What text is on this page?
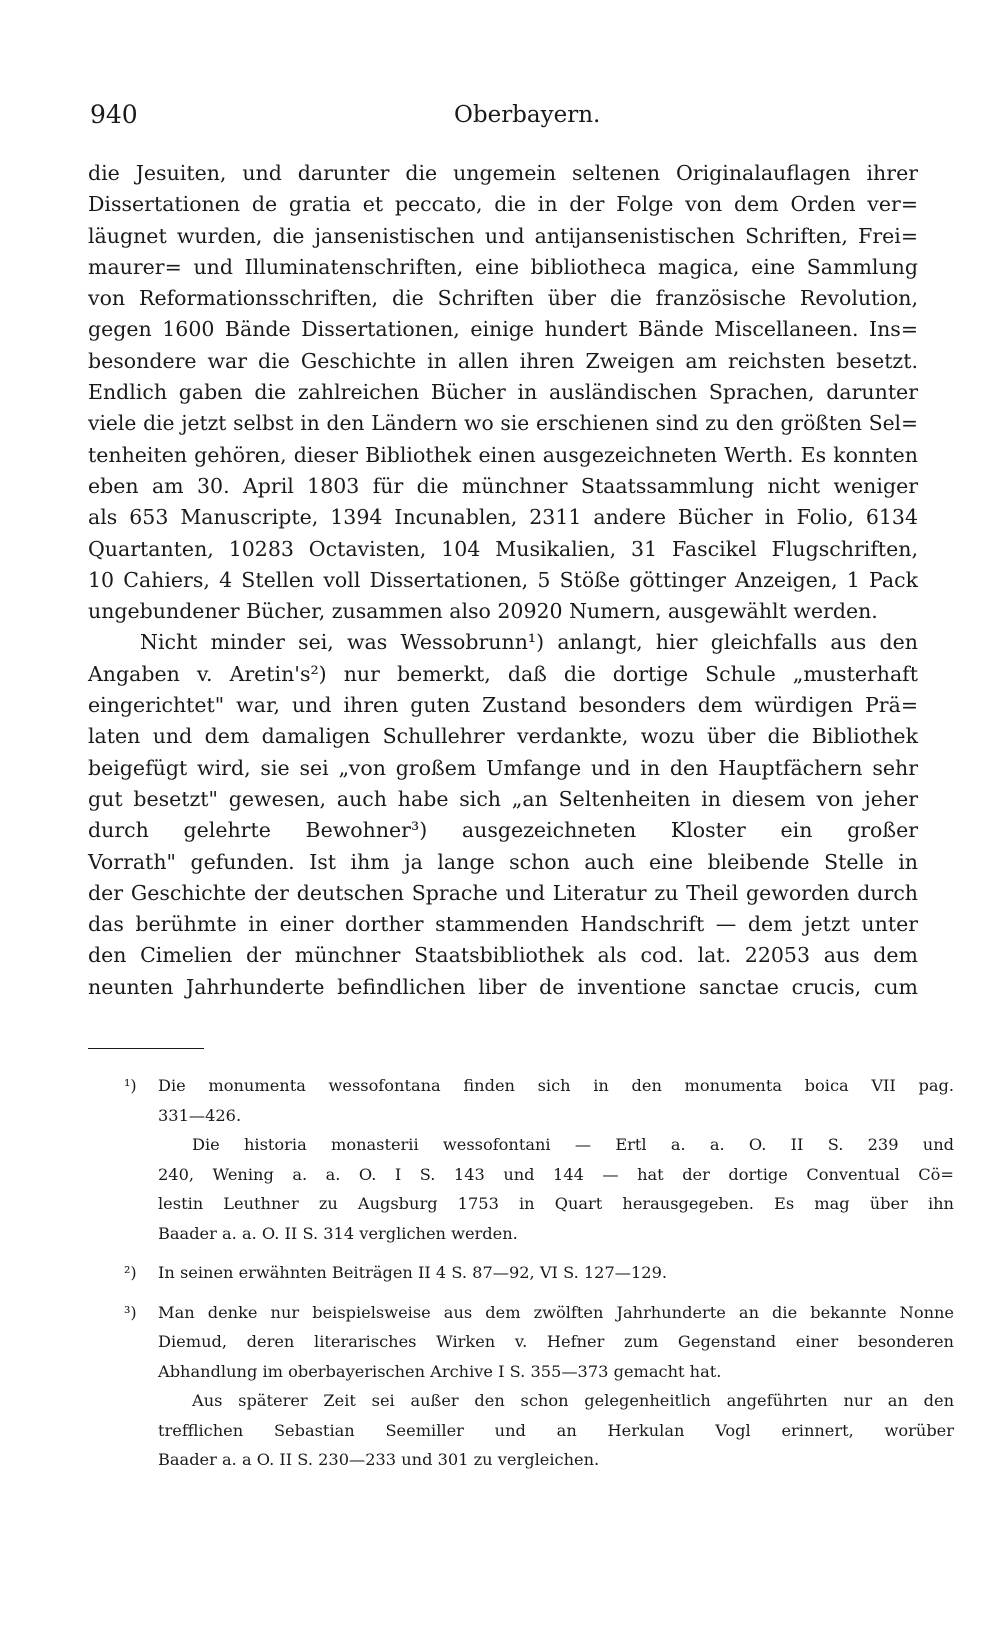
940	Oberbayern.
die Jesuiten, und darunter die ungemein seltenen Originalauflagen ihrer
Dissertationen de gratia et peccato, die in der Folge von dem Orden ver=
läugnet wurden, die jansenistischen und antijansenistischen Schriften, Frei=
maurer= und Illuminatenschriften, eine bibliotheca magica, eine Sammlung
von Reformationsschriften, die Schriften über die französische Revolution,
gegen 1600 Bände Dissertationen, einige hundert Bände Miscellaneen. Ins=
besondere war die Geschichte in allen ihren Zweigen am reichsten besetzt.
Endlich gaben die zahlreichen Bücher in ausländischen Sprachen, darunter
viele die jetzt selbst in den Ländern wo sie erschienen sind zu den größten Sel=
tenheiten gehören, dieser Bibliothek einen ausgezeichneten Werth. Es konnten
eben am 30. April 1803 für die münchner Staatssammlung nicht weniger
als 653 Manuscripte, 1394 Incunablen, 2311 andere Bücher in Folio, 6134
Quartanten, 10283 Octavisten, 104 Musikalien, 31 Fascikel Flugschriften,
10 Cahiers, 4 Stellen voll Dissertationen, 5 Stöße göttinger Anzeigen, 1 Pack
ungebundener Bücher, zusammen also 20920 Numern, ausgewählt werden.
Nicht minder sei, was Wessobrunn¹) anlangt, hier gleichfalls aus den
Angaben v. Aretin's²) nur bemerkt, daß die dortige Schule „musterhaft
eingerichtet" war, und ihren guten Zustand besonders dem würdigen Prä=
laten und dem damaligen Schullehrer verdankte, wozu über die Bibliothek
beigefügt wird, sie sei „von großem Umfange und in den Hauptfächern sehr
gut besetzt" gewesen, auch habe sich „an Seltenheiten in diesem von jeher
durch gelehrte Bewohner³) ausgezeichneten Kloster ein großer
Vorrath" gefunden. Ist ihm ja lange schon auch eine bleibende Stelle in
der Geschichte der deutschen Sprache und Literatur zu Theil geworden durch
das berühmte in einer dorther stammenden Handschrift — dem jetzt unter
den Cimelien der münchner Staatsbibliothek als cod. lat. 22053 aus dem
neunten Jahrhunderte befindlichen liber de inventione sanctae crucis, cum
¹) Die monumenta wessofontana finden sich in den monumenta boica VII pag.
331—426.
Die historia monasterii wessofontani — Ertl a. a. O. II S. 239 und
240, Wening a. a. O. I S. 143 und 144 — hat der dortige Conventual Cö=
lestin Leuthner zu Augsburg 1753 in Quart herausgegeben. Es mag über ihn
Baader a. a. O. II S. 314 verglichen werden.
²) In seinen erwähnten Beiträgen II 4 S. 87—92, VI S. 127—129.
³) Man denke nur beispielsweise aus dem zwölften Jahrhunderte an die bekannte Nonne
Diemud, deren literarisches Wirken v. Hefner zum Gegenstand einer besonderen
Abhandlung im oberbayerischen Archive I S. 355—373 gemacht hat.
Aus späterer Zeit sei außer den schon gelegenheitlich angeführten nur an den
trefflichen Sebastian Seemiller und an Herkulan Vogl erinnert, worüber
Baader a. a O. II S. 230—233 und 301 zu vergleichen.
